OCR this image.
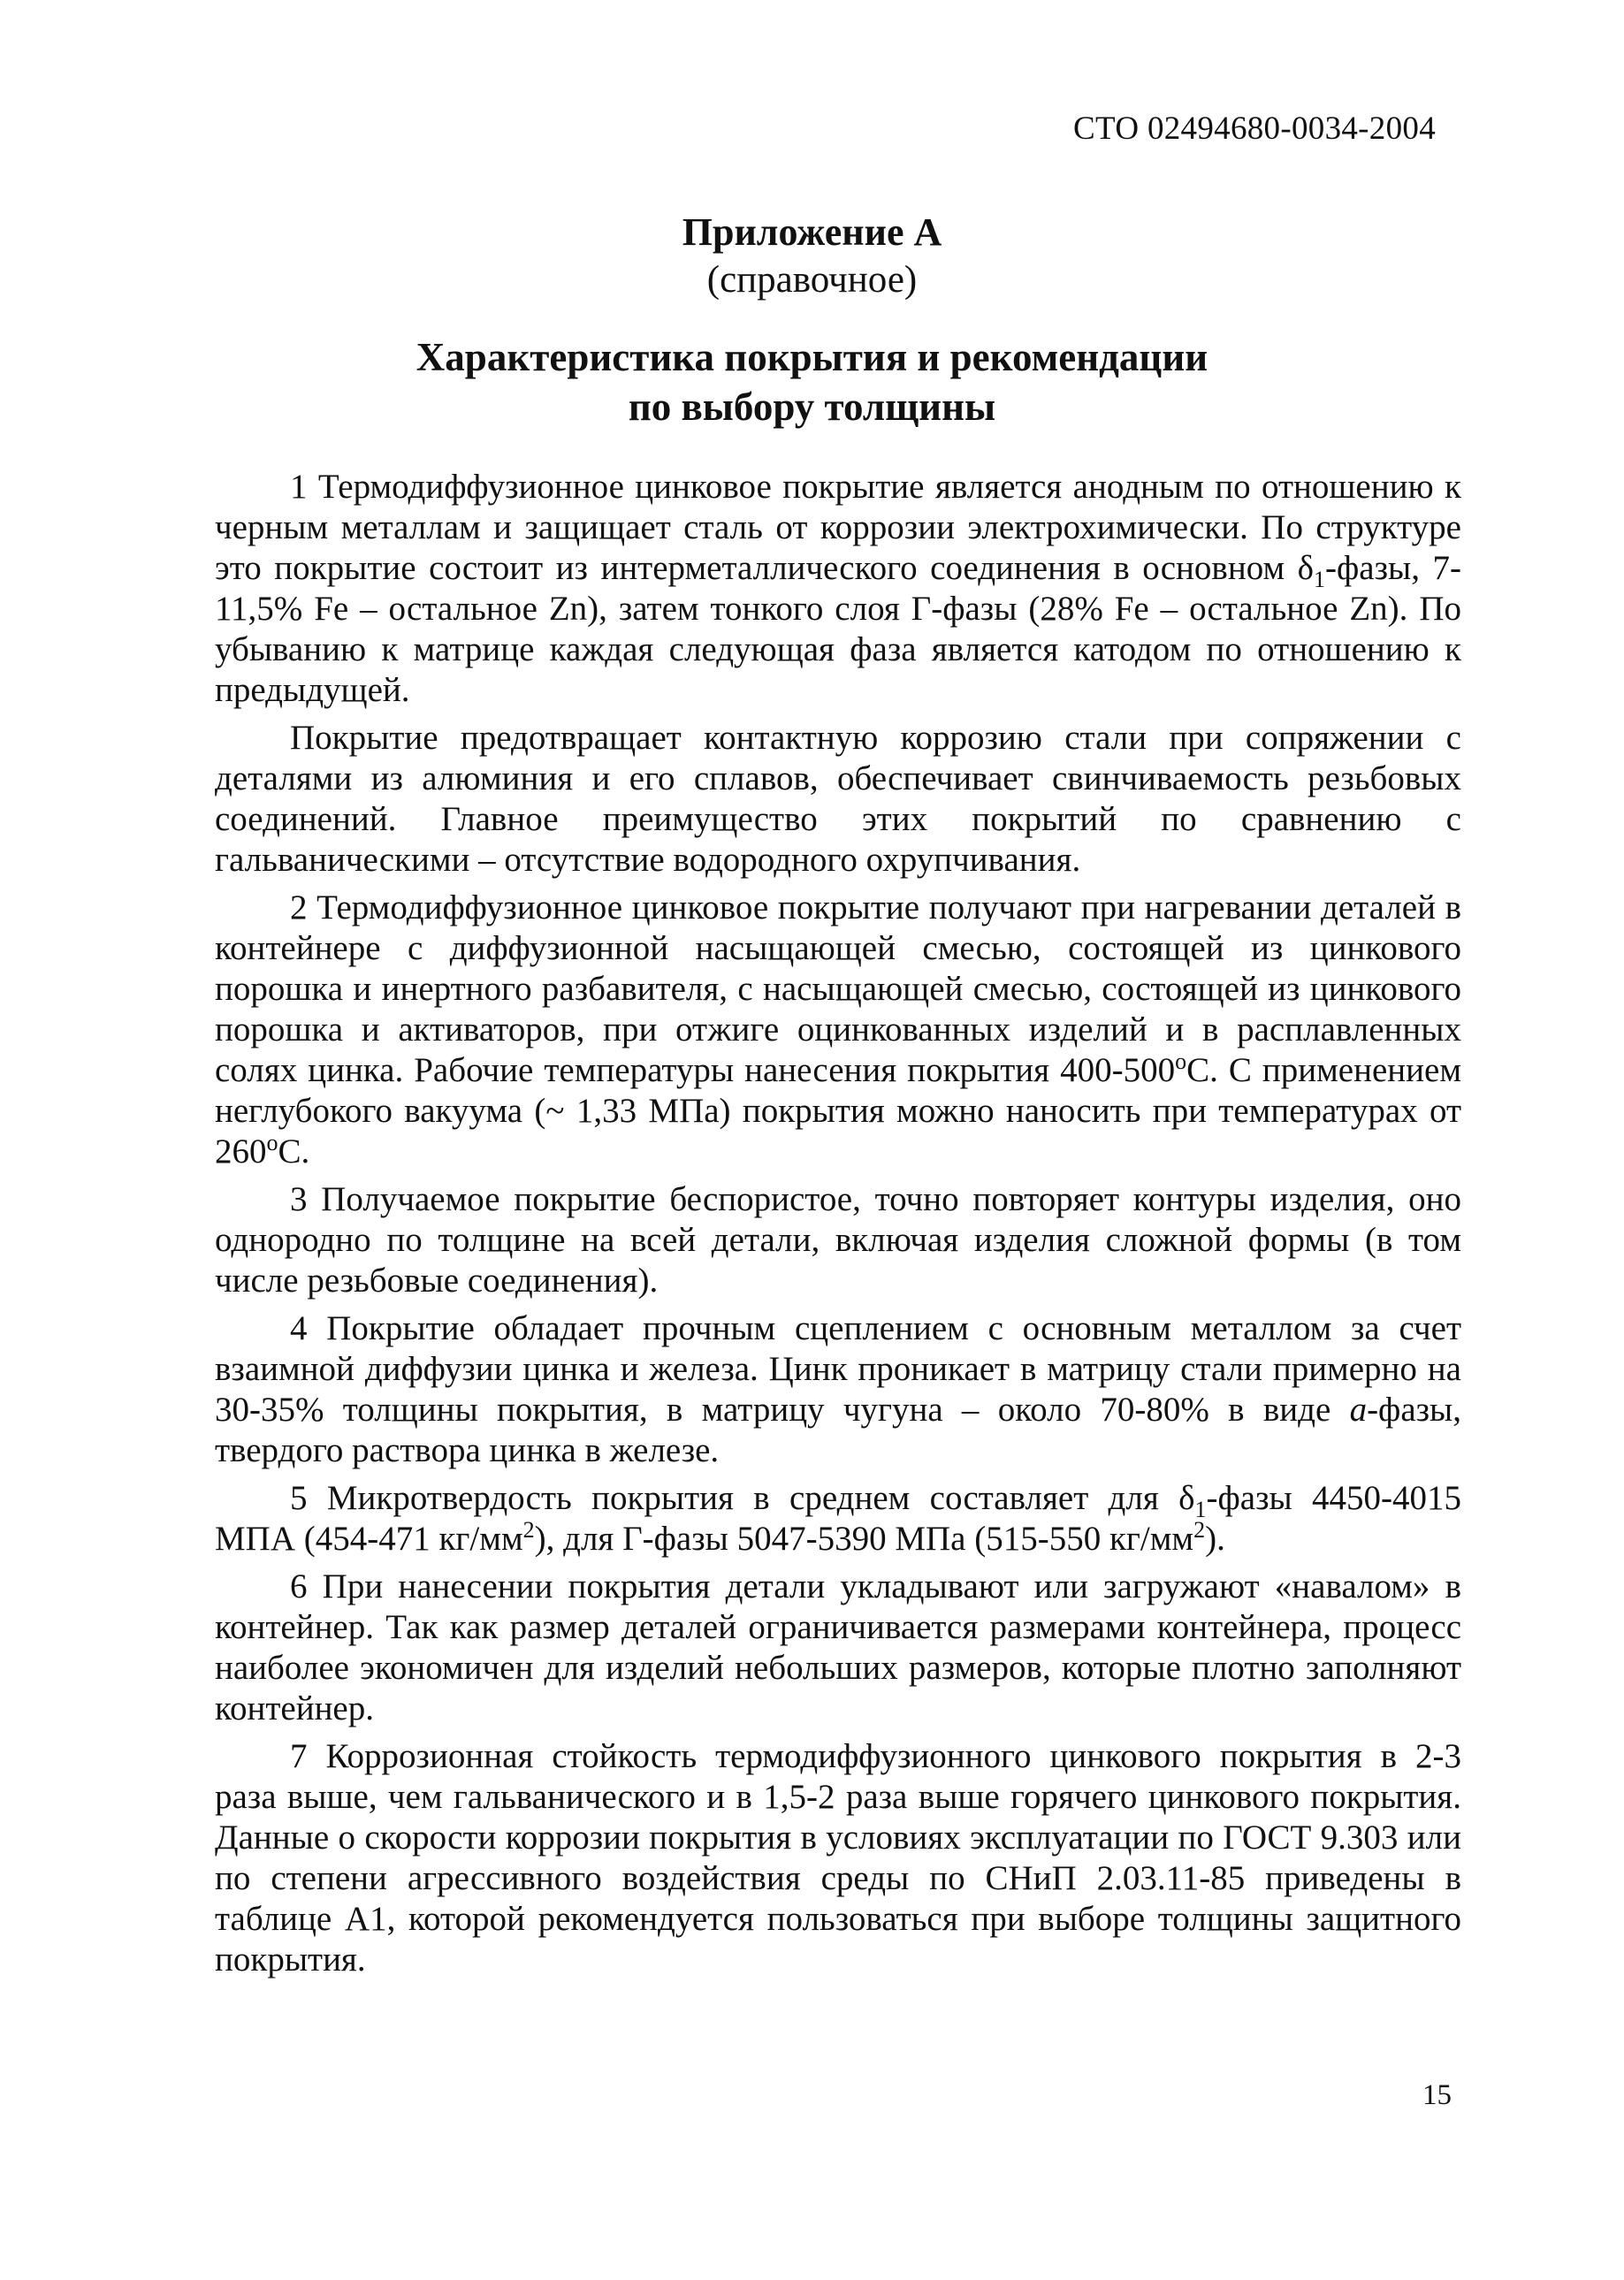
СТО 02494680-0034-2004
Приложение А
(справочное)
Характеристика покрытия и рекомендации
по выбору толщины

1 Термодиффузионное цинковое покрытие является анодным по отношению к черным металлам и защищает сталь от коррозии электрохимически. По структуре это покрытие состоит из интерметаллического соединения в основном $\delta_1$-фазы, 7-11,5% Fe – остальное Zn), затем тонкого слоя Г-фазы (28% Fe – остальное Zn). По убыванию к матрице каждая следующая фаза является катодом по отношению к предыдущей.

Покрытие предотвращает контактную коррозию стали при сопряжении с деталями из алюминия и его сплавов, обеспечивает свинчиваемость резьбовых соединений. Главное преимущество этих покрытий по сравнению с гальваническими – отсутствие водородного охрупчивания.

2 Термодиффузионное цинковое покрытие получают при нагревании деталей в контейнере с диффузионной насыщающей смесью, состоящей из цинкового порошка и инертного разбавителя, с насыщающей смесью, состоящей из цинкового порошка и активаторов, при отжиге оцинкованных изделий и в расплавленных солях цинка. Рабочие температуры нанесения покрытия $400-500^оС$. С применением неглубокого вакуума (~ 1,33 МПа) покрытия можно наносить при температурах от $260^оС$.

3 Получаемое покрытие беспористое, точно повторяет контуры изделия, оно однородно по толщине на всей детали, включая изделия сложной формы (в том числе резьбовые соединения).

4 Покрытие обладает прочным сцеплением с основным металлом за счет взаимной диффузии цинка и железа. Цинк проникает в матрицу стали примерно на 30-35% толщины покрытия, в матрицу чугуна – около 70-80% в виде a-фазы, твердого раствора цинка в железе.

5 Микротвердость покрытия в среднем составляет для $\delta_1$-фазы 4450-4015 МПА (454-471 $кг/мм^2$), для Г-фазы 5047-5390 МПа (515-550 $кг/мм^2$).

6 При нанесении покрытия детали укладывают или загружают «навалом» в контейнер. Так как размер деталей ограничивается размерами контейнера, процесс наиболее экономичен для изделий небольших размеров, которые плотно заполняют контейнер.

7 Коррозионная стойкость термодиффузионного цинкового покрытия в 2-3 раза выше, чем гальванического и в 1,5-2 раза выше горячего цинкового покрытия. Данные о скорости коррозии покрытия в условиях эксплуатации по ГОСТ 9.303 или по степени агрессивного воздействия среды по СНиП 2.03.11-85 приведены в таблице А1, которой рекомендуется пользоваться при выборе толщины защитного покрытия.

15
